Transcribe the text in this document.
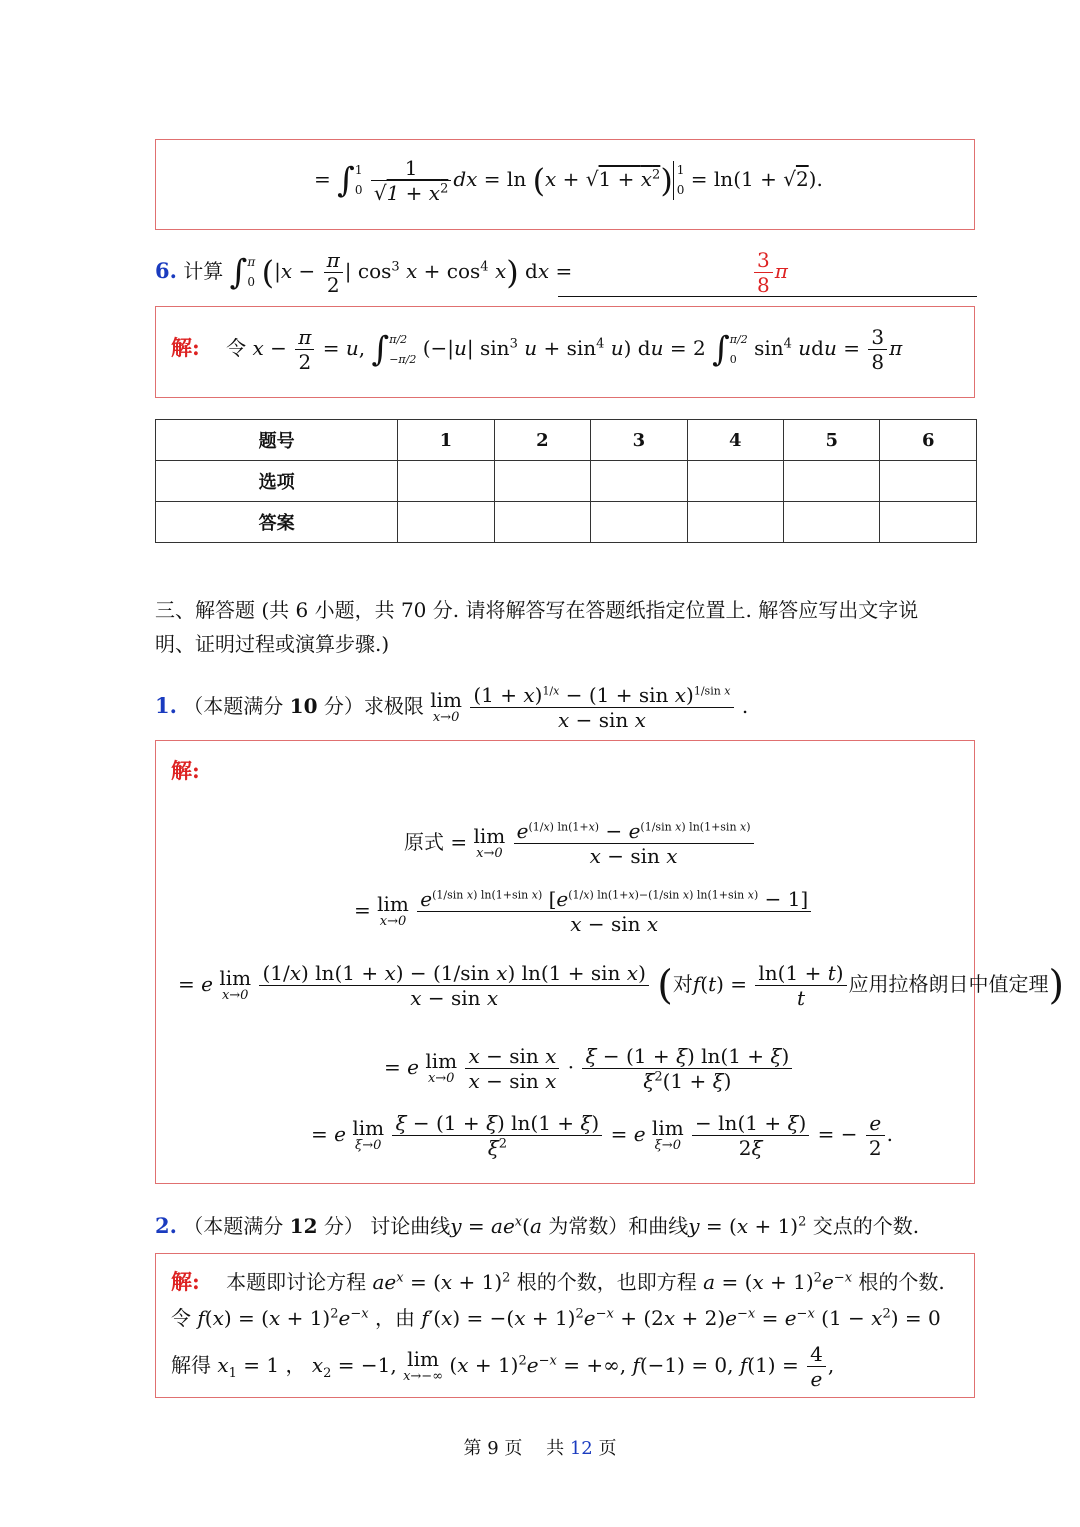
= ∫1
$0 \frac{1}{√1 + x^2}$ dx = $\ln (x + √1 + x^2)$ 1
0 = ln(1 + √2).
6. 计算 ∫π
0 ($|x - \frac{\pi}{2}$ | $\cos^3 x + \cos^4 x$) dx =	$\frac{3}{8}$ π
解: 　 令 $x - \frac{\pi}{2} = u$, ∫π/2
−π/2 (−|u| $\sin^3 u + \sin^4 u$) du = 2 ∫π/2
0 $\sin^4$ udu = $\frac{3}{8}$ π
题号	1	2	3	4	5	6
选项						
答案						
三、解答题 (共 6 小题，共 70 分. 请将解答写在答题纸指定位置上. 解答应写出文字说
明、证明过程或演算步骤.)
1. （本题满分 10 分）求极限 lim
x→0
$\frac{(1 + x)^{1/x} - (1 + \sin x)^{1/sin x}}{\text{x − sin x}}$ .
解:
原式 = lim
x→0
$\frac{e^{(1/x) ln(1+x)} - e^{(1/sin x) ln(1+sin x)}}{\text{x − sin x}}$
= lim
x→0

$e^{(1/sin x) ln(1+sin x)}$ $[e^{(1/x) ln(1+x)-(1/sin x) ln(1+sin x)} - 1]$
x − sin x
= e lim
x→0
$\frac{\text{(1/x) ln(1 + x) − (1/sin x) ln(1 + sin x)}}{\text{x − sin x}}$ (对$f(t) = \frac{\ln(1 + t)}{t}$ 应用拉格朗日中值定理)
= e lim
x→0
$\frac{\text{x − sin x}}{\text{x − sin x}} \cdot \frac{\xi - (1 + \xi) \ln(1 + \xi)}{\xi^2(1 + \xi)}$
= e lim
ξ→0
$\frac{\xi - (1 + \xi) \ln(1 + \xi)}{\xi^2} = e$ lim
ξ→0
$\frac{- \ln(1 + \xi)}{2\xi}$ = − $\frac{e}{2}$ .
2. （本题满分 12 分） 讨论曲线$y = ae^x(a$ 为常数）和曲线$y = (x + 1)^2$ 交点的个数.
解: 　 本题即讨论方程 $ae^x = (x + 1)^2$ 根的个数，也即方程 $a = (x + 1)^2e^{-x}$ 根的个数.
令 $f(x) = (x + 1)^2e^{-x}$ ，由 $f'(x) = -(x + 1)^2e^{-x} + (2x + 2)e^{-x} = e^{-x}$ $(1 - x^2) = 0$
解得 $x_1 = 1$ ， $x_2 = -1$, lim
x→−∞ $(x + 1)^2e^{-x}$ = +∞, f(−1) = 0, $f(1) = \frac{4}{e}$ ,
第 9 页 　共 12 页
